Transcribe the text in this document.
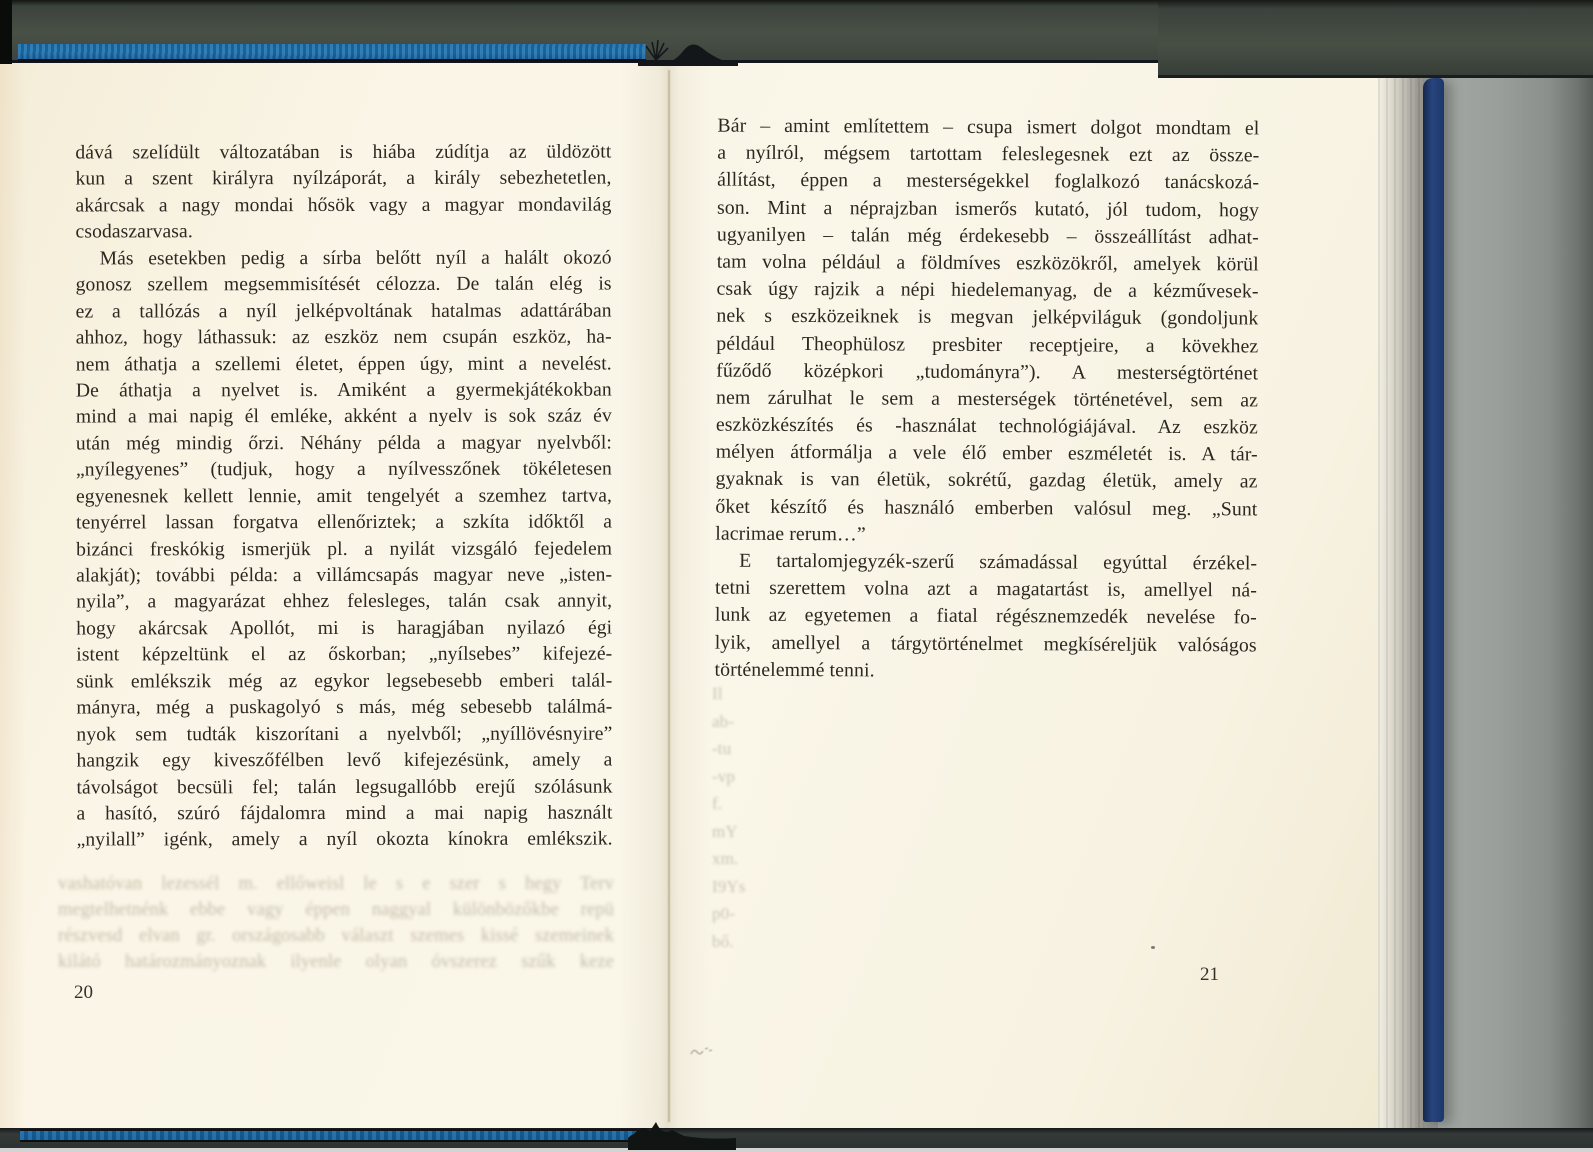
dává szelídült változatában is hiába zúdítja az üldözött
kun a szent királyra nyílzáporát, a király sebezhetetlen,
akárcsak a nagy mondai hősök vagy a magyar mondavilág
csodaszarvasa.
Más esetekben pedig a sírba belőtt nyíl a halált okozó
gonosz szellem megsemmisítését célozza. De talán elég is
ez a tallózás a nyíl jelképvoltának hatalmas adattárában
ahhoz, hogy láthassuk: az eszköz nem csupán eszköz, ha-
nem áthatja a szellemi életet, éppen úgy, mint a nevelést.
De áthatja a nyelvet is. Amiként a gyermekjátékokban
mind a mai napig él emléke, akként a nyelv is sok száz év
után még mindig őrzi. Néhány példa a magyar nyelvből:
„nyílegyenes” (tudjuk, hogy a nyílvesszőnek tökéletesen
egyenesnek kellett lennie, amit tengelyét a szemhez tartva,
tenyérrel lassan forgatva ellenőriztek; a szkíta időktől a
bizánci freskókig ismerjük pl. a nyilát vizsgáló fejedelem
alakját); további példa: a villámcsapás magyar neve „isten-
nyila”, a magyarázat ehhez felesleges, talán csak annyit,
hogy akárcsak Apollót, mi is haragjában nyilazó égi
istent képzeltünk el az őskorban; „nyílsebes” kifejezé-
sünk emlékszik még az egykor legsebesebb emberi talál-
mányra, még a puskagolyó s más, még sebesebb találmá-
nyok sem tudták kiszorítani a nyelvből; „nyíllövésnyire”
hangzik egy kiveszőfélben levő kifejezésünk, amely a
távolságot becsüli fel; talán legsugallóbb erejű szólásunk
a hasító, szúró fájdalomra mind a mai napig használt
„nyilall” igénk, amely a nyíl okozta kínokra emlékszik.
20
vashatóvan lezessél m. ellőweisl le s e szer s hegy Terv
megtelhetnénk ebbe vagy éppen naggyal különbözőkbe repü
részvesd elvan gr. országosabb választ szemes kissé szemeinek
kilátó határozmányoznak ilyenle olyan óvszerez szűk keze
Bár – amint említettem – csupa ismert dolgot mondtam el
a nyílról, mégsem tartottam feleslegesnek ezt az össze-
állítást, éppen a mesterségekkel foglalkozó tanácskozá-
son. Mint a néprajzban ismerős kutató, jól tudom, hogy
ugyanilyen – talán még érdekesebb – összeállítást adhat-
tam volna például a földmíves eszközökről, amelyek körül
csak úgy rajzik a népi hiedelemanyag, de a kézművesek-
nek s eszközeiknek is megvan jelképviláguk (gondoljunk
például Theophülosz presbiter receptjeire, a kövekhez
fűződő középkori „tudományra”). A mesterségtörténet
nem zárulhat le sem a mesterségek történetével, sem az
eszközkészítés és -használat technológiájával. Az eszköz
mélyen átformálja a vele élő ember eszméletét is. A tár-
gyaknak is van életük, sokrétű, gazdag életük, amely az
őket készítő és használó emberben valósul meg. „Sunt
lacrimae rerum…”
E tartalomjegyzék-szerű számadással egyúttal érzékel-
tetni szerettem volna azt a magatartást is, amellyel ná-
lunk az egyetemen a fiatal régésznemzedék nevelése fo-
lyik, amellyel a tárgytörténelmet megkíséreljük valóságos
történelemmé tenni.
21
Il
ab-
-tu
-vp
f.
mY
xm.
I9Ys
p0-
bő.
